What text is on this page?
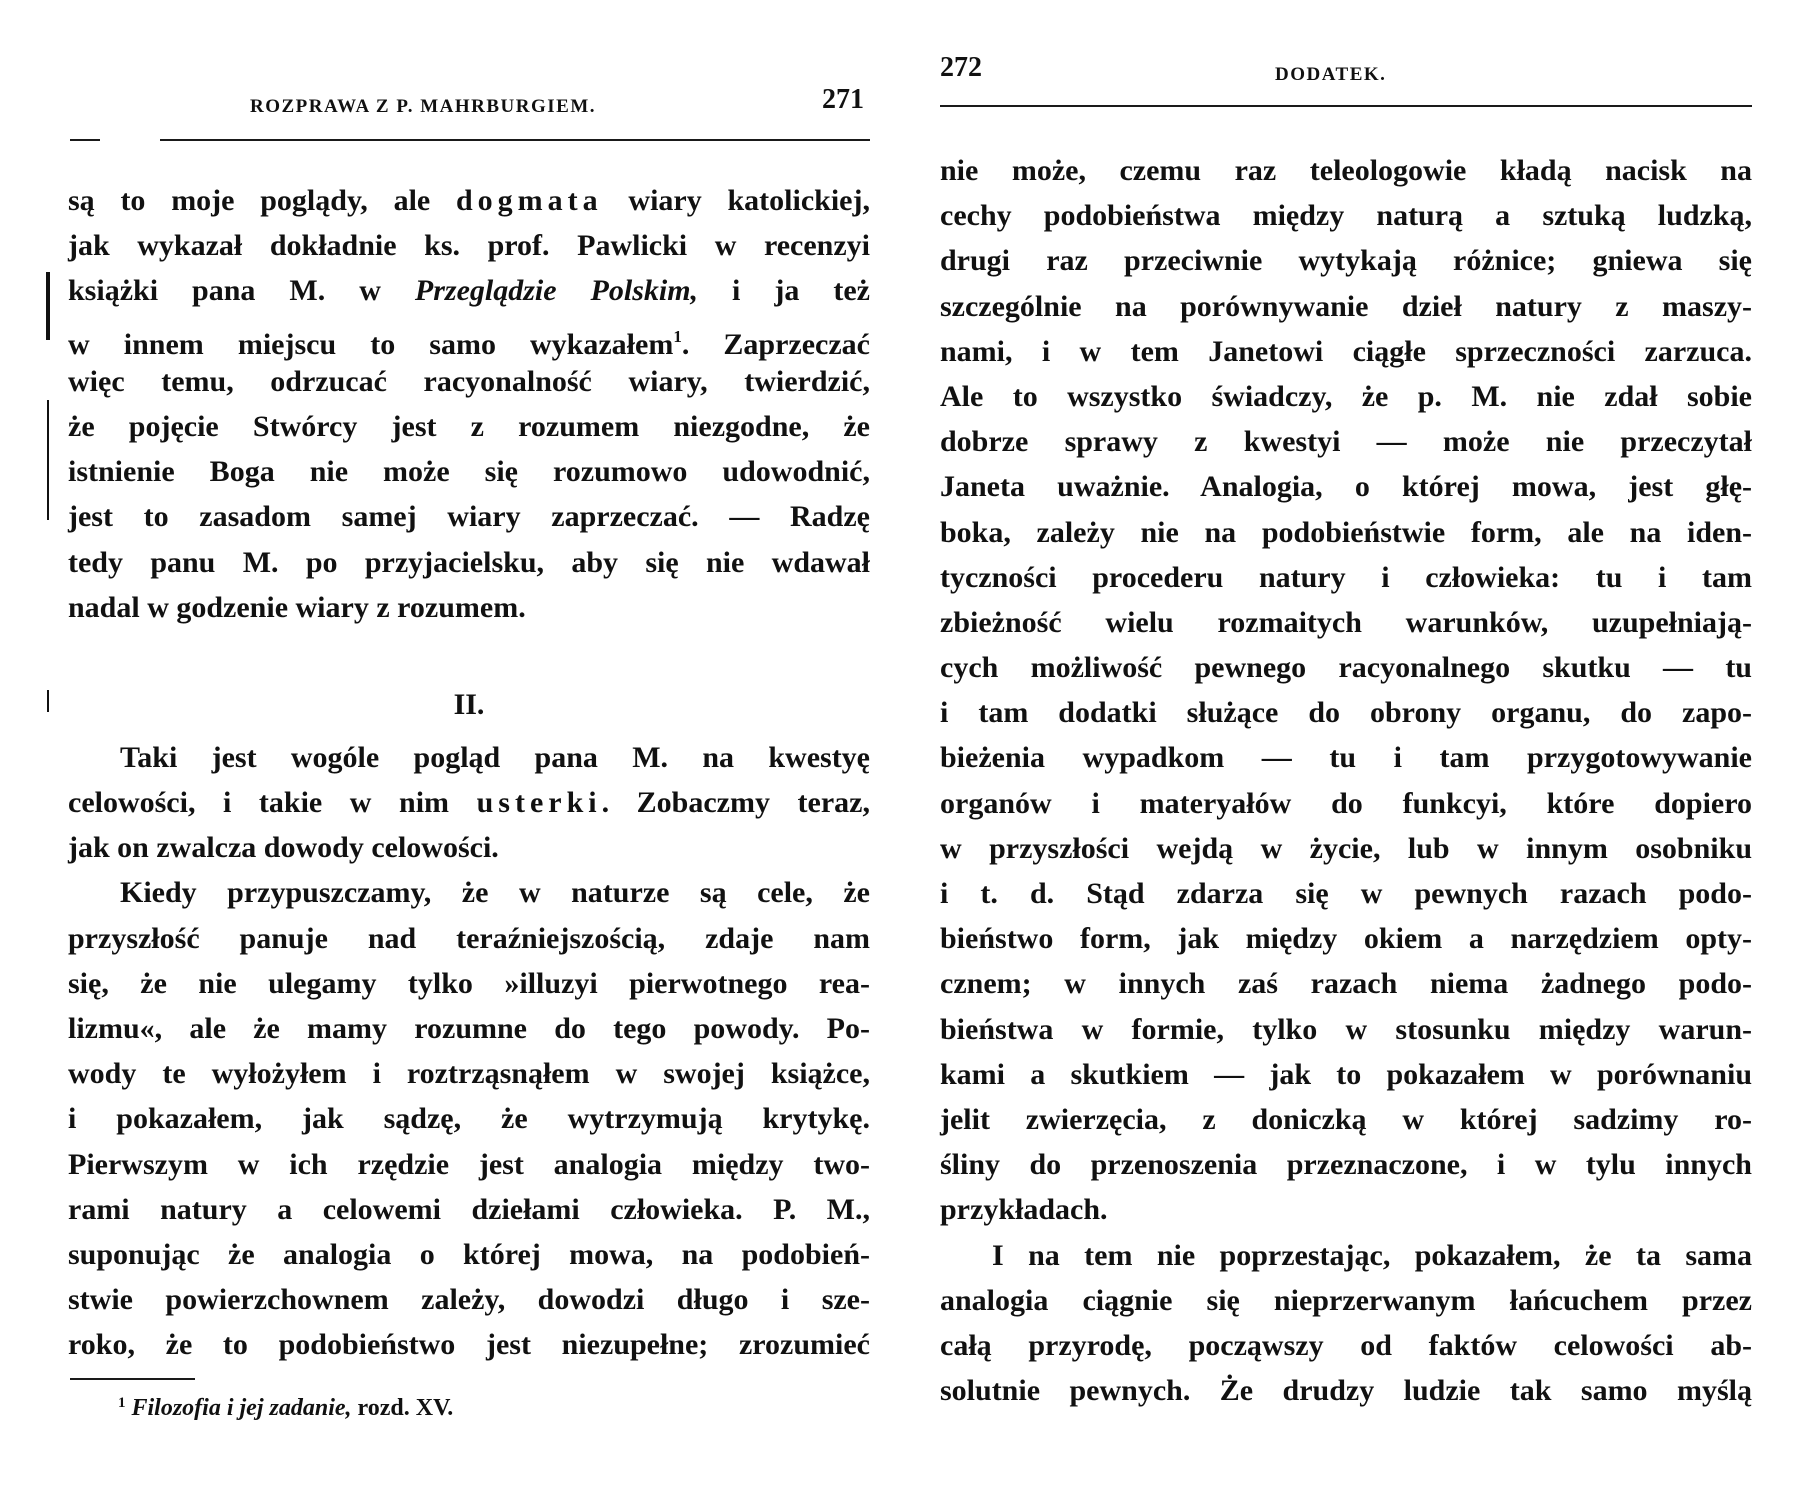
ROZPRAWA Z P. MAHRBURGIEM.	271
są to moje poglądy, ale dogmata wiary katolickiej,
jak wykazał dokładnie ks. prof. Pawlicki w recenzyi
książki pana M. w Przeglądzie Polskim, i ja też
w innem miejscu to samo wykazałem$^1$. Zaprzeczać
więc temu, odrzucać racyonalność wiary, twierdzić,
że pojęcie Stwórcy jest z rozumem niezgodne, że
istnienie Boga nie może się rozumowo udowodnić,
jest to zasadom samej wiary zaprzeczać. — Radzę
tedy panu M. po przyjacielsku, aby się nie wdawał
nadal w godzenie wiary z rozumem.
II.
Taki jest wogóle pogląd pana M. na kwestyę
celowości, i takie w nim usterki. Zobaczmy teraz,
jak on zwalcza dowody celowości.
Kiedy przypuszczamy, że w naturze są cele, że
przyszłość panuje nad teraźniejszością, zdaje nam
się, że nie ulegamy tylko »illuzyi pierwotnego rea-
lizmu«, ale że mamy rozumne do tego powody. Po-
wody te wyłożyłem i roztrząsnąłem w swojej książce,
i pokazałem, jak sądzę, że wytrzymują krytykę.
Pierwszym w ich rzędzie jest analogia między two-
rami natury a celowemi dziełami człowieka. P. M.,
suponując że analogia o której mowa, na podobień-
stwie powierzchownem zależy, dowodzi długo i sze-
roko, że to podobieństwo jest niezupełne; zrozumieć
$^1$ Filozofia i jej zadanie, rozd. XV.
272	DODATEK.
nie może, czemu raz teleologowie kładą nacisk na
cechy podobieństwa między naturą a sztuką ludzką,
drugi raz przeciwnie wytykają różnice; gniewa się
szczególnie na porównywanie dzieł natury z maszy-
nami, i w tem Janetowi ciągłe sprzeczności zarzuca.
Ale to wszystko świadczy, że p. M. nie zdał sobie
dobrze sprawy z kwestyi — może nie przeczytał
Janeta uważnie. Analogia, o której mowa, jest głę-
boka, zależy nie na podobieństwie form, ale na iden-
tyczności procederu natury i człowieka: tu i tam
zbieżność wielu rozmaitych warunków, uzupełniają-
cych możliwość pewnego racyonalnego skutku — tu
i tam dodatki służące do obrony organu, do zapo-
bieżenia wypadkom — tu i tam przygotowywanie
organów i materyałów do funkcyi, które dopiero
w przyszłości wejdą w życie, lub w innym osobniku
i t. d. Stąd zdarza się w pewnych razach podo-
bieństwo form, jak między okiem a narzędziem opty-
cznem; w innych zaś razach niema żadnego podo-
bieństwa w formie, tylko w stosunku między warun-
kami a skutkiem — jak to pokazałem w porównaniu
jelit zwierzęcia, z doniczką w której sadzimy ro-
śliny do przenoszenia przeznaczone, i w tylu innych
przykładach.
I na tem nie poprzestając, pokazałem, że ta sama
analogia ciągnie się nieprzerwanym łańcuchem przez
całą przyrodę, począwszy od faktów celowości ab-
solutnie pewnych. Że drudzy ludzie tak samo myślą
